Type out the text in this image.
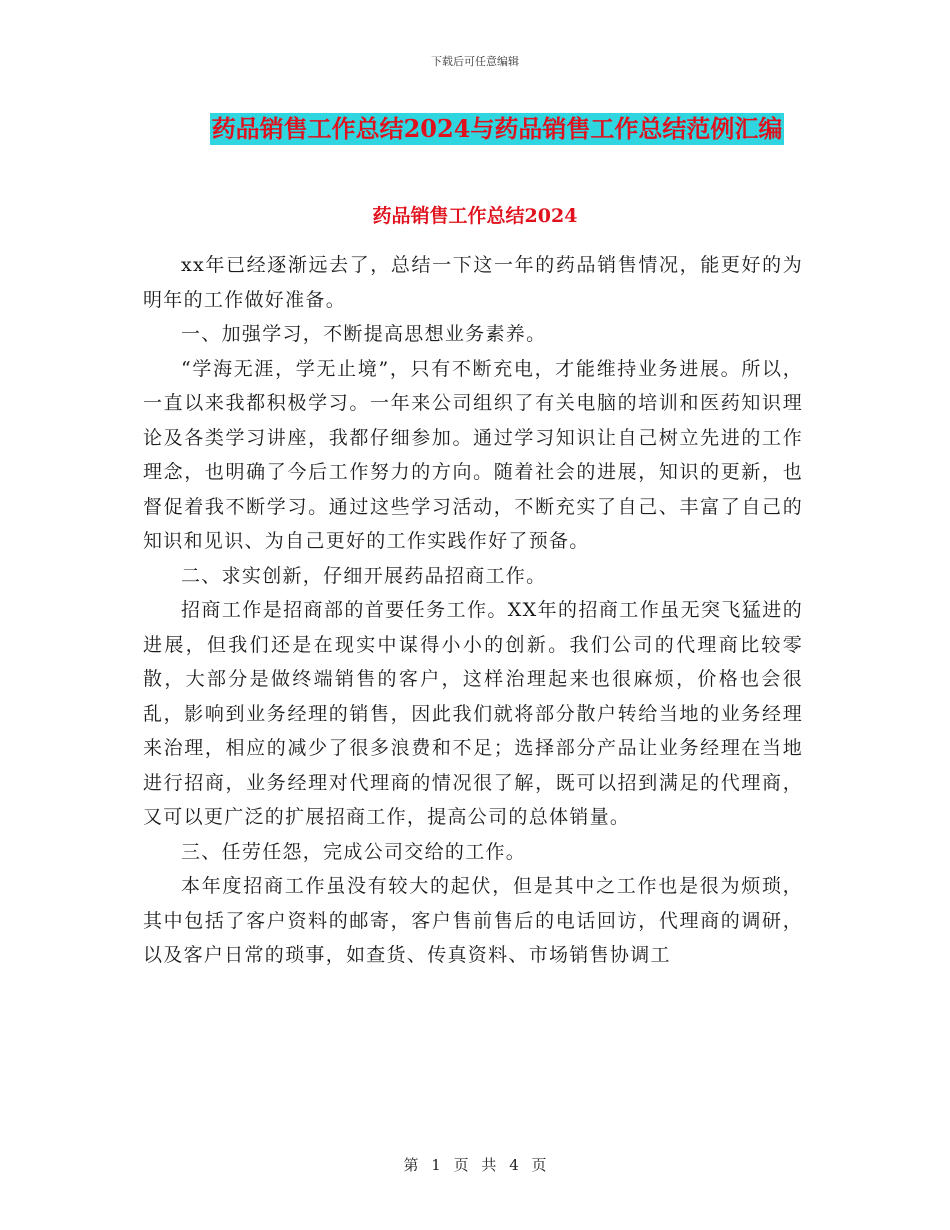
下载后可任意编辑
药品销售工作总结2024与药品销售工作总结范例汇编
药品销售工作总结2024

xx年已经逐渐远去了，总结一下这一年的药品销售情况，能更好的为明年的工作做好准备。

一、加强学习，不断提高思想业务素养。

“学海无涯，学无止境”，只有不断充电，才能维持业务进展。所以，一直以来我都积极学习。一年来公司组织了有关电脑的培训和医药知识理论及各类学习讲座，我都仔细参加。通过学习知识让自己树立先进的工作理念，也明确了今后工作努力的方向。随着社会的进展，知识的更新，也督促着我不断学习。通过这些学习活动，不断充实了自己、丰富了自己的知识和见识、为自己更好的工作实践作好了预备。

二、求实创新，仔细开展药品招商工作。

招商工作是招商部的首要任务工作。XX年的招商工作虽无突飞猛进的进展，但我们还是在现实中谋得小小的创新。我们公司的代理商比较零散，大部分是做终端销售的客户，这样治理起来也很麻烦，价格也会很乱，影响到业务经理的销售，因此我们就将部分散户转给当地的业务经理来治理，相应的减少了很多浪费和不足；选择部分产品让业务经理在当地进行招商，业务经理对代理商的情况很了解，既可以招到满足的代理商，又可以更广泛的扩展招商工作，提高公司的总体销量。

三、任劳任怨，完成公司交给的工作。

本年度招商工作虽没有较大的起伏，但是其中之工作也是很为烦琐，其中包括了客户资料的邮寄，客户售前售后的电话回访，代理商的调研，以及客户日常的琐事，如查货、传真资料、市场销售协调工

第 1 页 共 4 页
